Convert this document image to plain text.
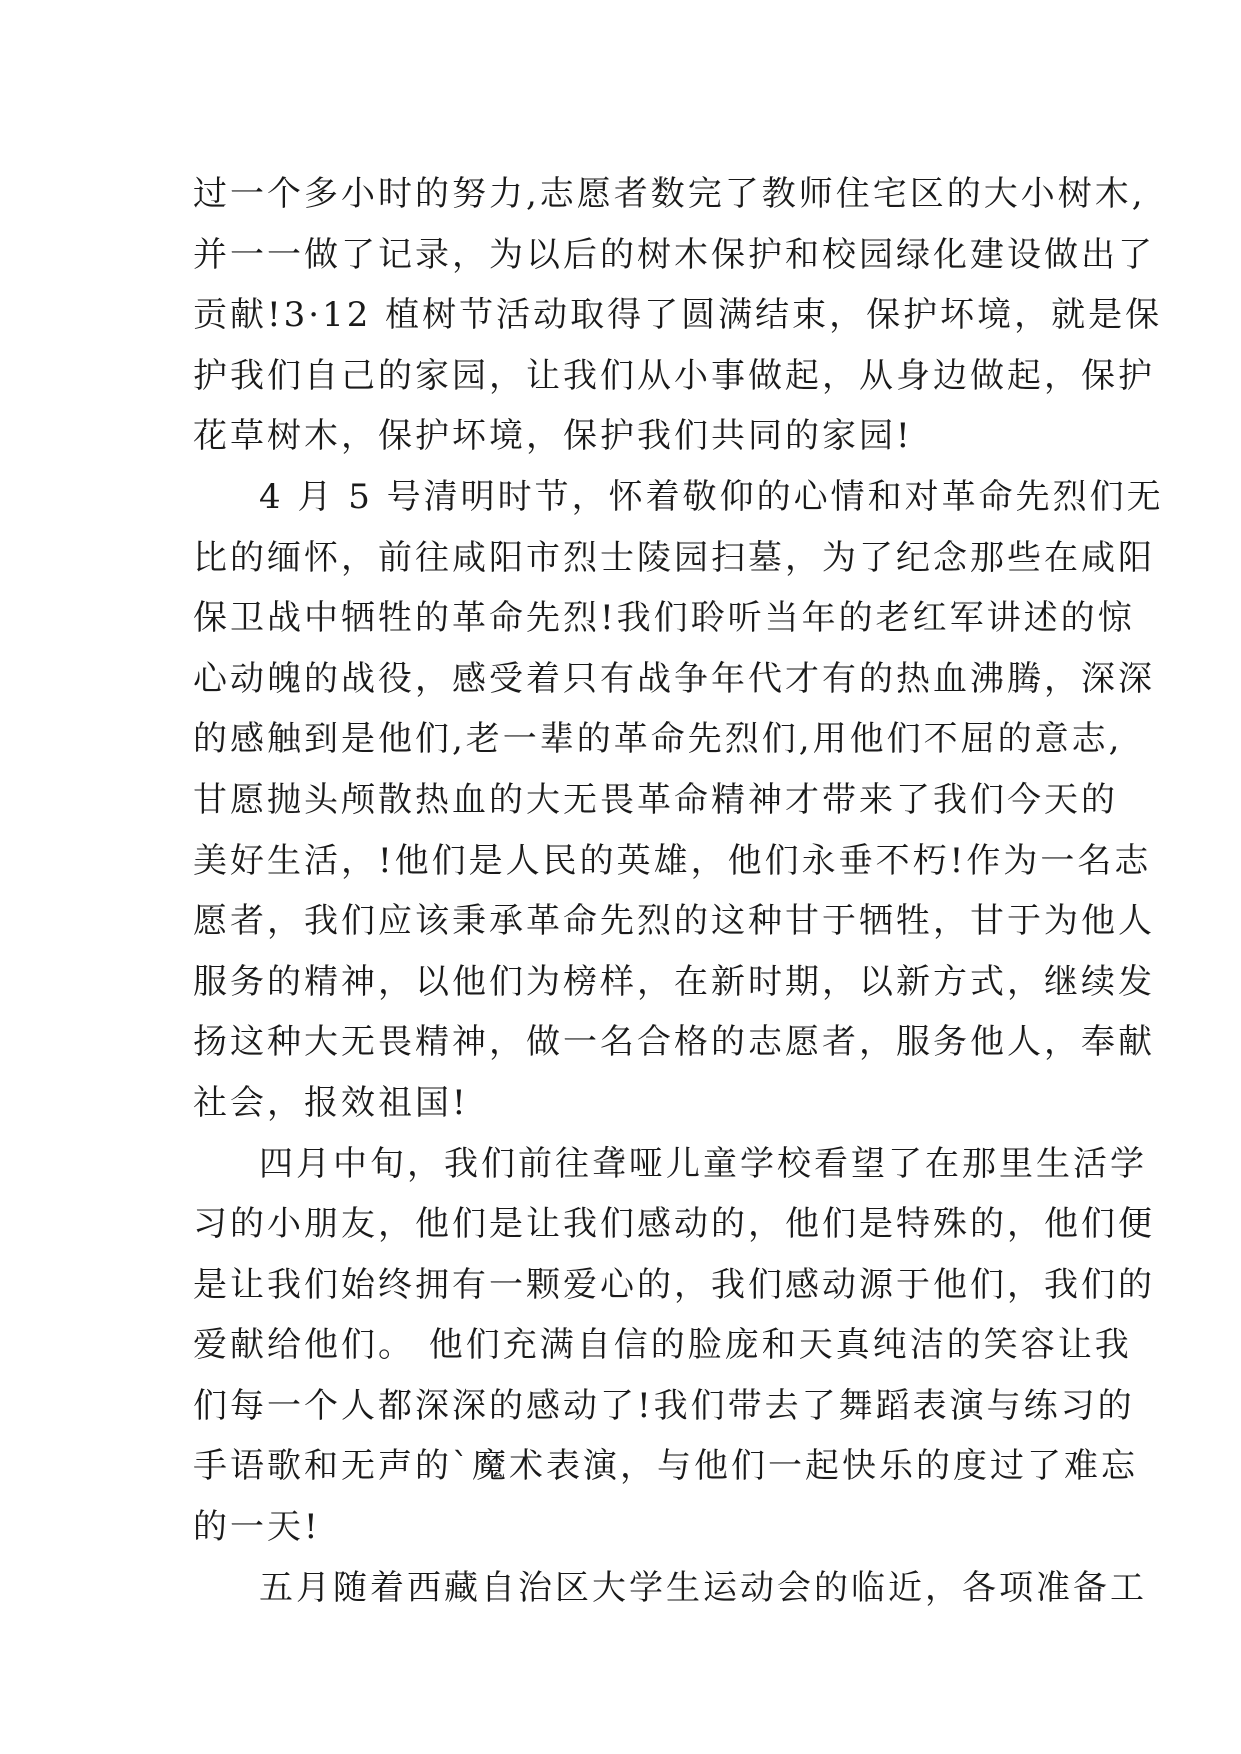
过一个多小时的努力,志愿者数完了教师住宅区的大小树木,
并一一做了记录，为以后的树木保护和校园绿化建设做出了
贡献!3·12 植树节活动取得了圆满结束，保护坏境，就是保
护我们自己的家园，让我们从小事做起，从身边做起，保护
花草树木，保护坏境，保护我们共同的家园!
4 月 5 号清明时节，怀着敬仰的心情和对革命先烈们无
比的缅怀，前往咸阳市烈士陵园扫墓，为了纪念那些在咸阳
保卫战中牺牲的革命先烈!我们聆听当年的老红军讲述的惊
心动魄的战役，感受着只有战争年代才有的热血沸腾，深深
的感触到是他们,老一辈的革命先烈们,用他们不屈的意志,
甘愿抛头颅散热血的大无畏革命精神才带来了我们今天的
美好生活，!他们是人民的英雄，他们永垂不朽!作为一名志
愿者，我们应该秉承革命先烈的这种甘于牺牲，甘于为他人
服务的精神，以他们为榜样，在新时期，以新方式，继续发
扬这种大无畏精神，做一名合格的志愿者，服务他人，奉献
社会，报效祖国!
四月中旬，我们前往聋哑儿童学校看望了在那里生活学
习的小朋友，他们是让我们感动的，他们是特殊的，他们便
是让我们始终拥有一颗爱心的，我们感动源于他们，我们的
爱献给他们。 他们充满自信的脸庞和天真纯洁的笑容让我
们每一个人都深深的感动了!我们带去了舞蹈表演与练习的
手语歌和无声的`魔术表演，与他们一起快乐的度过了难忘
的一天!
五月随着西藏自治区大学生运动会的临近，各项准备工
